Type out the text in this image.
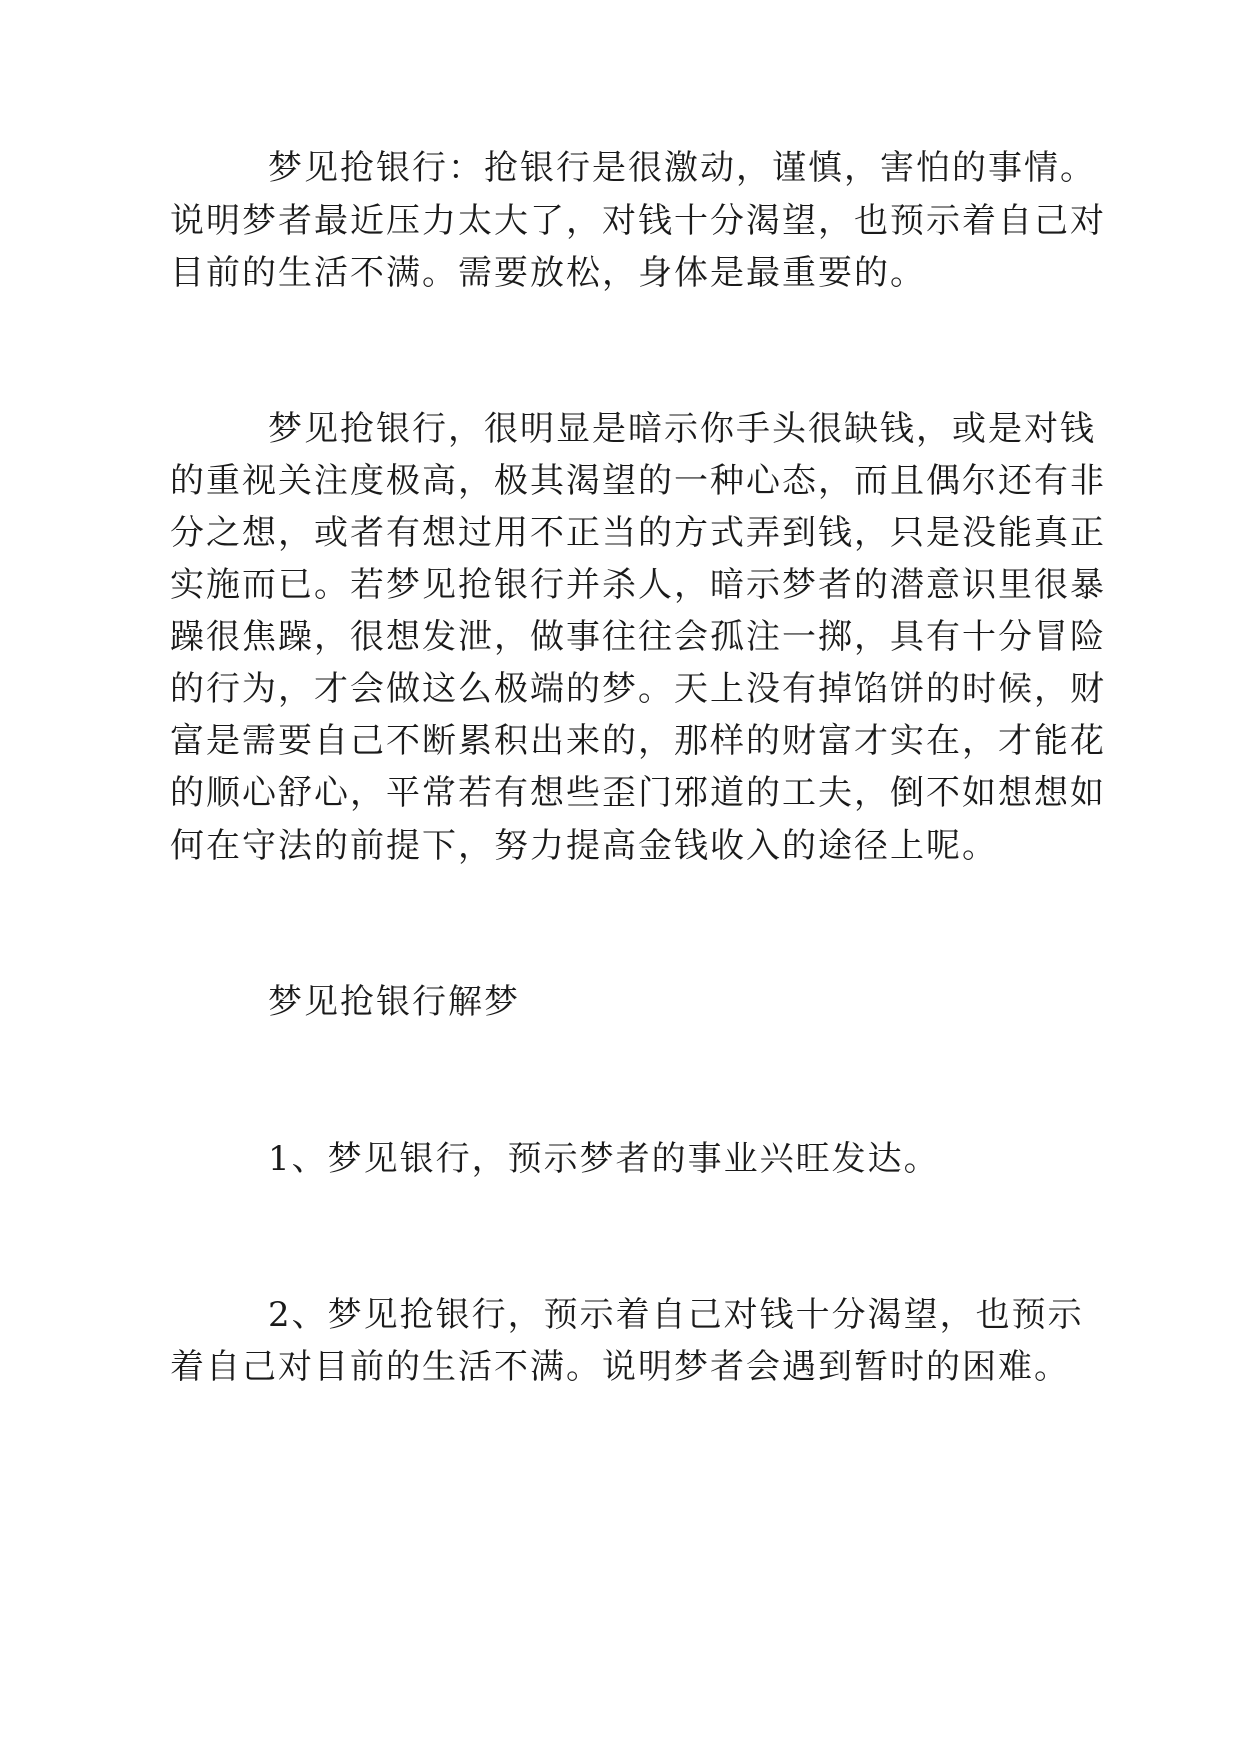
梦见抢银行：抢银行是很激动，谨慎，害怕的事情。
说明梦者最近压力太大了，对钱十分渴望，也预示着自己对
目前的生活不满。需要放松，身体是最重要的。
梦见抢银行，很明显是暗示你手头很缺钱，或是对钱
的重视关注度极高，极其渴望的一种心态，而且偶尔还有非
分之想，或者有想过用不正当的方式弄到钱，只是没能真正
实施而已。若梦见抢银行并杀人，暗示梦者的潜意识里很暴
躁很焦躁，很想发泄，做事往往会孤注一掷，具有十分冒险
的行为，才会做这么极端的梦。天上没有掉馅饼的时候，财
富是需要自己不断累积出来的，那样的财富才实在，才能花
的顺心舒心，平常若有想些歪门邪道的工夫，倒不如想想如
何在守法的前提下，努力提高金钱收入的途径上呢。
梦见抢银行解梦
1、梦见银行，预示梦者的事业兴旺发达。
2、梦见抢银行，预示着自己对钱十分渴望，也预示
着自己对目前的生活不满。说明梦者会遇到暂时的困难。
